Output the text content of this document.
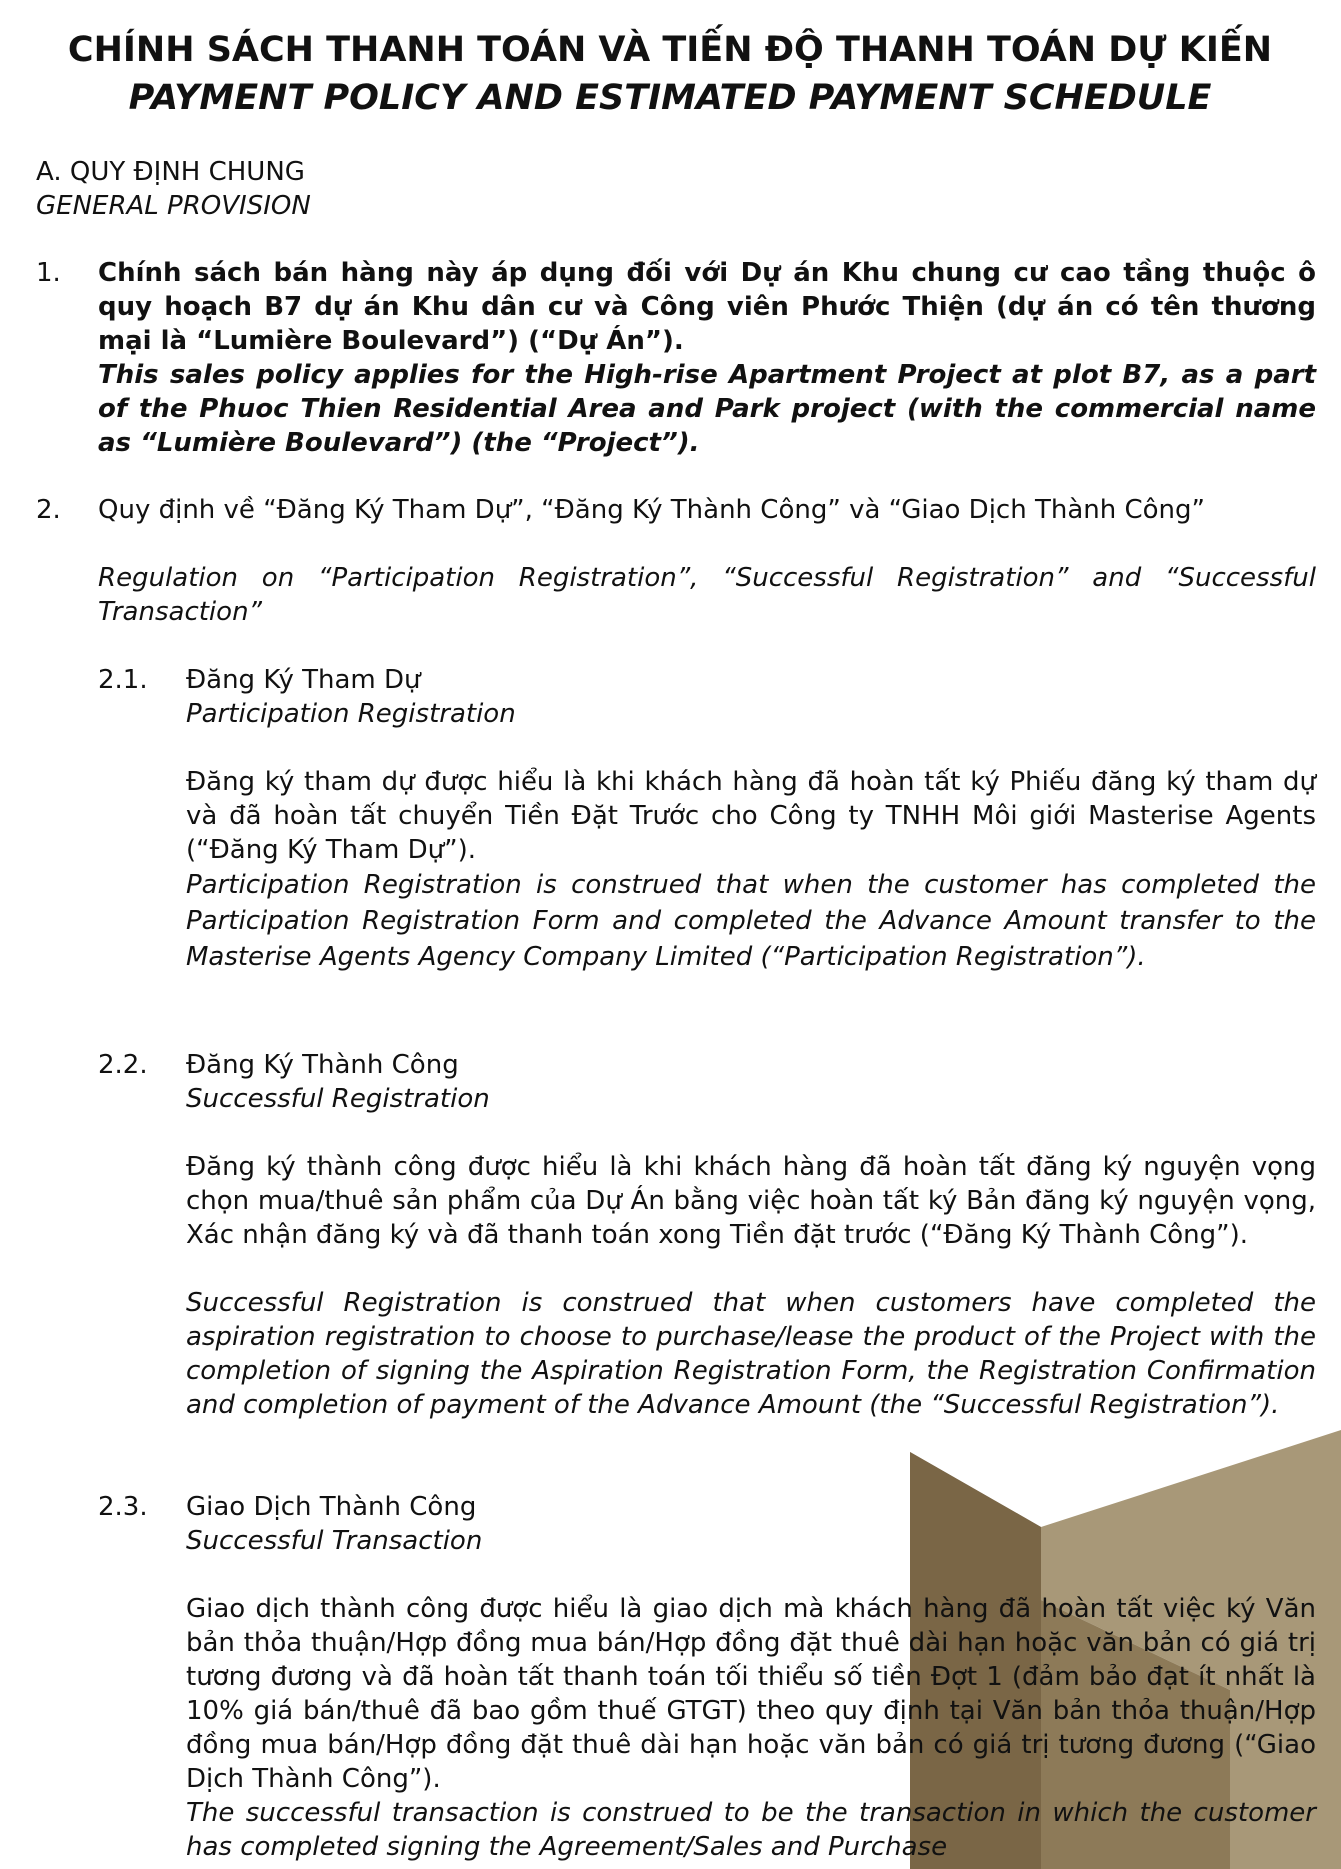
CHÍNH SÁCH THANH TOÁN VÀ TIẾN ĐỘ THANH TOÁN DỰ KIẾN
PAYMENT POLICY AND ESTIMATED PAYMENT SCHEDULE
A. QUY ĐỊNH CHUNG
GENERAL PROVISION
1. Chính sách bán hàng này áp dụng đối với Dự án Khu chung cư cao tầng thuộc ô quy hoạch B7 dự án Khu dân cư và Công viên Phước Thiện (dự án có tên thương mại là “Lumière Boulevard”) (“Dự Án”).
This sales policy applies for the High-rise Apartment Project at plot B7, as a part of the Phuoc Thien Residential Area and Park project (with the commercial name as “Lumière Boulevard”) (the “Project”).
2. Quy định về “Đăng Ký Tham Dự”, “Đăng Ký Thành Công” và “Giao Dịch Thành Công”
Regulation on “Participation Registration”, “Successful Registration” and “Successful Transaction”
2.1. Đăng Ký Tham Dự
Participation Registration
Đăng ký tham dự được hiểu là khi khách hàng đã hoàn tất ký Phiếu đăng ký tham dự và đã hoàn tất chuyển Tiền Đặt Trước cho Công ty TNHH Môi giới Masterise Agents (“Đăng Ký Tham Dự”).
Participation Registration is construed that when the customer has completed the Participation Registration Form and completed the Advance Amount transfer to the Masterise Agents Agency Company Limited (“Participation Registration”).
2.2. Đăng Ký Thành Công
Successful Registration
Đăng ký thành công được hiểu là khi khách hàng đã hoàn tất đăng ký nguyện vọng chọn mua/thuê sản phẩm của Dự Án bằng việc hoàn tất ký Bản đăng ký nguyện vọng, Xác nhận đăng ký và đã thanh toán xong Tiền đặt trước (“Đăng Ký Thành Công”).
Successful Registration is construed that when customers have completed the aspiration registration to choose to purchase/lease the product of the Project with the completion of signing the Aspiration Registration Form, the Registration Confirmation and completion of payment of the Advance Amount (the “Successful Registration”).
2.3. Giao Dịch Thành Công
Successful Transaction
Giao dịch thành công được hiểu là giao dịch mà khách hàng đã hoàn tất việc ký Văn bản thỏa thuận/Hợp đồng mua bán/Hợp đồng đặt thuê dài hạn hoặc văn bản có giá trị tương đương và đã hoàn tất thanh toán tối thiểu số tiền Đợt 1 (đảm bảo đạt ít nhất là 10% giá bán/thuê đã bao gồm thuế GTGT) theo quy định tại Văn bản thỏa thuận/Hợp đồng mua bán/Hợp đồng đặt thuê dài hạn hoặc văn bản có giá trị tương đương (“Giao Dịch Thành Công”).
The successful transaction is construed to be the transaction in which the customer has completed signing the Agreement/Sales and Purchase
